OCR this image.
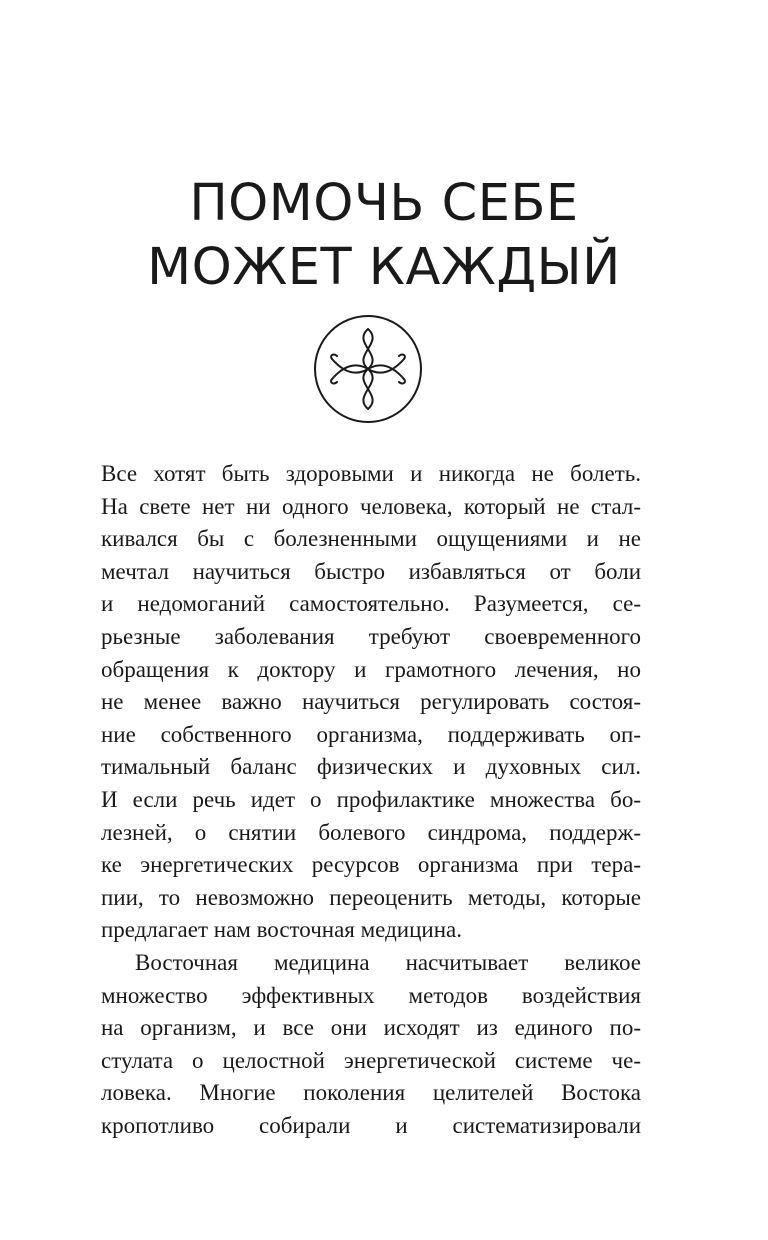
ПОМОЧЬ СЕБЕ
МОЖЕТ КАЖДЫЙ

Все хотят быть здоровыми и никогда не болеть.
На свете нет ни одного человека, который не стал-
кивался бы с болезненными ощущениями и не
мечтал научиться быстро избавляться от боли
и недомоганий самостоятельно. Разумеется, се-
рьезные заболевания требуют своевременного
обращения к доктору и грамотного лечения, но
не менее важно научиться регулировать состоя-
ние собственного организма, поддерживать оп-
тимальный баланс физических и духовных сил.
И если речь идет о профилактике множества бо-
лезней, о снятии болевого синдрома, поддерж-
ке энергетических ресурсов организма при тера-
пии, то невозможно переоценить методы, которые
предлагает нам восточная медицина.

Восточная медицина насчитывает великое
множество эффективных методов воздействия
на организм, и все они исходят из единого по-
стулата о целостной энергетической системе че-
ловека. Многие поколения целителей Востока
кропотливо собирали и систематизировали
